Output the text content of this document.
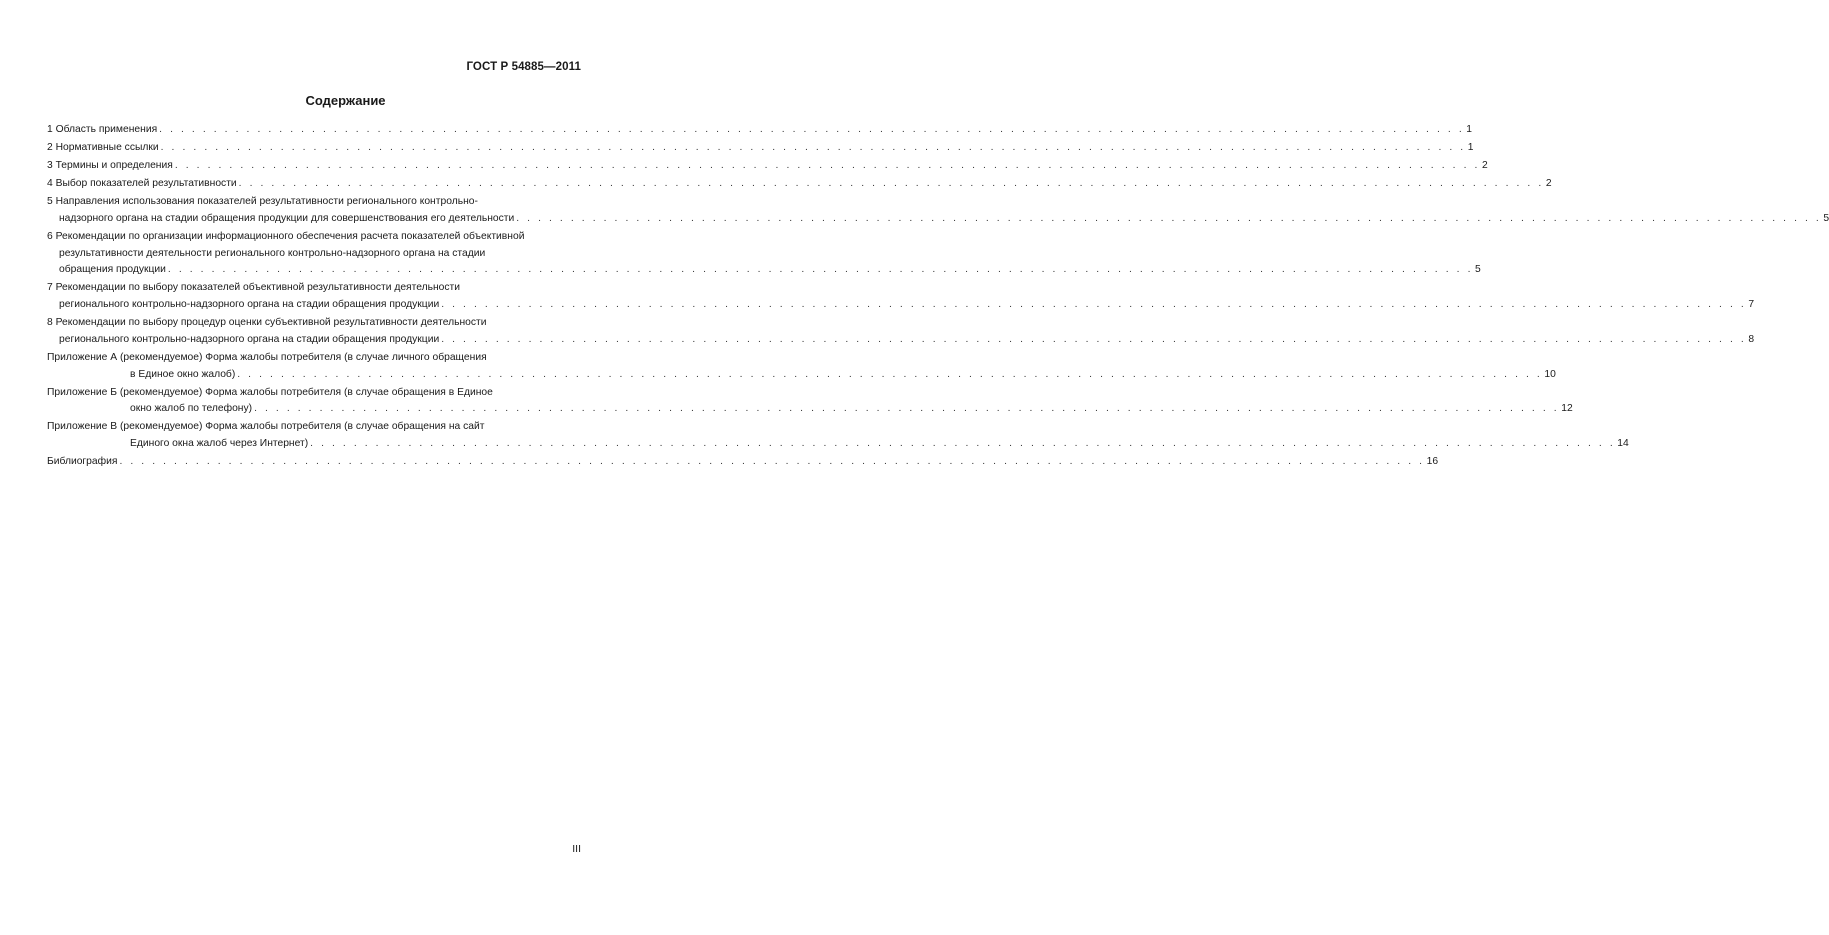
ГОСТ Р 54885—2011
Содержание
1 Область применения . . . . . . . . . . . . . . . . . . . . . . . . . . . . . . . . . . . . . . . . . . . . . . . . . . . . . . . . . . . . . . . . . . . . . . . . . . . . . . . . . . . . . . . . . . . . . . . . . . . . . . . . . . . . . . . . . . . . . . . . 1
2 Нормативные ссылки . . . . . . . . . . . . . . . . . . . . . . . . . . . . . . . . . . . . . . . . . . . . . . . . . . . . . . . . . . . . . . . . . . . . . . . . . . . . . . . . . . . . . . . . . . . . . . . . . . . . . . . . . . . . . . . . . . . . . . . . 1
3 Термины и определения . . . . . . . . . . . . . . . . . . . . . . . . . . . . . . . . . . . . . . . . . . . . . . . . . . . . . . . . . . . . . . . . . . . . . . . . . . . . . . . . . . . . . . . . . . . . . . . . . . . . . . . . . . . . . . . . . . . . . . . . 2
4 Выбор показателей результативности . . . . . . . . . . . . . . . . . . . . . . . . . . . . . . . . . . . . . . . . . . . . . . . . . . . . . . . . . . . . . . . . . . . . . . . . . . . . . . . . . . . . . . . . . . . . . . . . . . . . . . . . . . . . . . . . . . . . . . . . 2
5 Направления использования показателей результативности регионального контрольно-
надзорного органа на стадии обращения продукции для совершенствования его деятельности . . . . . . . . . . . . . . . . . . . . . . . . . . . . . . . . . . . . . . . . . . . . . . . . . . . . . . . . . . . . . . . . . . . . . . . . . . . . . . . . . . . . . . . . . . . . . . . . . . . . . . . . . . . . . . . . . . . . . . . . 5
6 Рекомендации по организации информационного обеспечения расчета показателей объективной
результативности деятельности регионального контрольно-надзорного органа на стадии
обращения продукции . . . . . . . . . . . . . . . . . . . . . . . . . . . . . . . . . . . . . . . . . . . . . . . . . . . . . . . . . . . . . . . . . . . . . . . . . . . . . . . . . . . . . . . . . . . . . . . . . . . . . . . . . . . . . . . . . . . . . . . . 5
7 Рекомендации по выбору показателей объективной результативности деятельности
регионального контрольно-надзорного органа на стадии обращения продукции . . . . . . . . . . . . . . . . . . . . . . . . . . . . . . . . . . . . . . . . . . . . . . . . . . . . . . . . . . . . . . . . . . . . . . . . . . . . . . . . . . . . . . . . . . . . . . . . . . . . . . . . . . . . . . . . . . . . . . . . 7
8 Рекомендации по выбору процедур оценки субъективной результативности деятельности
регионального контрольно-надзорного органа на стадии обращения продукции . . . . . . . . . . . . . . . . . . . . . . . . . . . . . . . . . . . . . . . . . . . . . . . . . . . . . . . . . . . . . . . . . . . . . . . . . . . . . . . . . . . . . . . . . . . . . . . . . . . . . . . . . . . . . . . . . . . . . . . . 8
Приложение А (рекомендуемое) Форма жалобы потребителя (в случае личного обращения
в Единое окно жалоб) . . . . . . . . . . . . . . . . . . . . . . . . . . . . . . . . . . . . . . . . . . . . . . . . . . . . . . . . . . . . . . . . . . . . . . . . . . . . . . . . . . . . . . . . . . . . . . . . . . . . . . . . . . . . . . . . . . . . . . . . 10
Приложение Б (рекомендуемое) Форма жалобы потребителя (в случае обращения в Единое
окно жалоб по телефону) . . . . . . . . . . . . . . . . . . . . . . . . . . . . . . . . . . . . . . . . . . . . . . . . . . . . . . . . . . . . . . . . . . . . . . . . . . . . . . . . . . . . . . . . . . . . . . . . . . . . . . . . . . . . . . . . . . . . . . . . 12
Приложение В (рекомендуемое) Форма жалобы потребителя (в случае обращения на сайт
Единого окна жалоб через Интернет) . . . . . . . . . . . . . . . . . . . . . . . . . . . . . . . . . . . . . . . . . . . . . . . . . . . . . . . . . . . . . . . . . . . . . . . . . . . . . . . . . . . . . . . . . . . . . . . . . . . . . . . . . . . . . . . . . . . . . . . . 14
Библиография . . . . . . . . . . . . . . . . . . . . . . . . . . . . . . . . . . . . . . . . . . . . . . . . . . . . . . . . . . . . . . . . . . . . . . . . . . . . . . . . . . . . . . . . . . . . . . . . . . . . . . . . . . . . . . . . . . . . . . . . 16
III
